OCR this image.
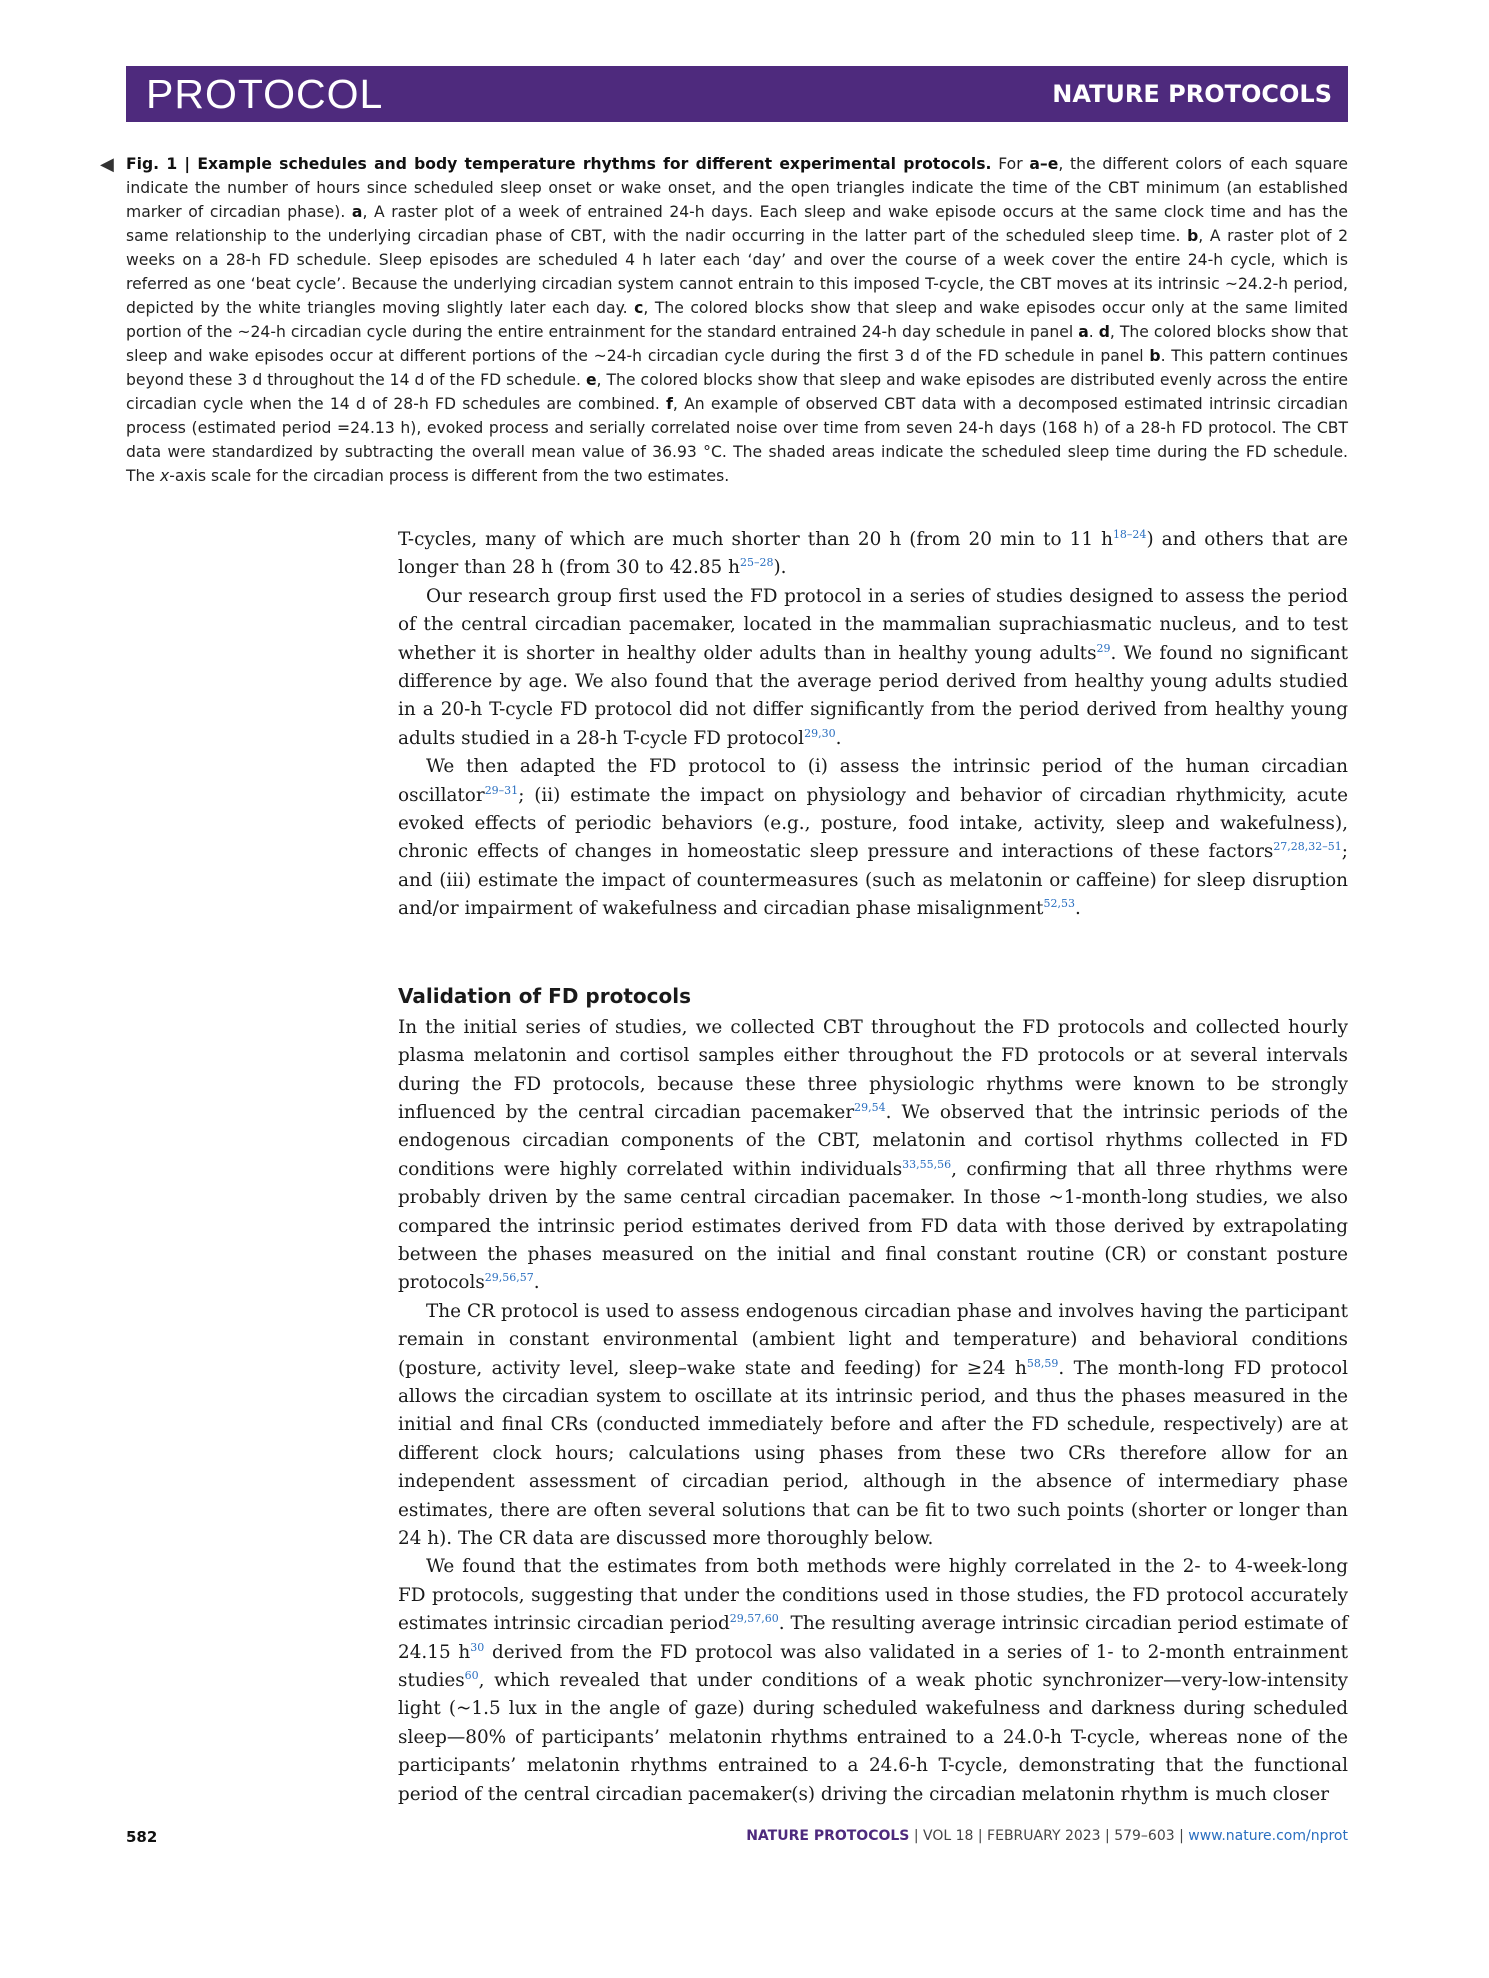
PROTOCOL	NATURE PROTOCOLS
◀ Fig. 1 | Example schedules and body temperature rhythms for different experimental protocols. For a–e, the different colors of each square indicate the number of hours since scheduled sleep onset or wake onset, and the open triangles indicate the time of the CBT minimum (an established marker of circadian phase). a, A raster plot of a week of entrained 24-h days. Each sleep and wake episode occurs at the same clock time and has the same relationship to the underlying circadian phase of CBT, with the nadir occurring in the latter part of the scheduled sleep time. b, A raster plot of 2 weeks on a 28-h FD schedule. Sleep episodes are scheduled 4 h later each ‘day’ and over the course of a week cover the entire 24-h cycle, which is referred as one ‘beat cycle’. Because the underlying circadian system cannot entrain to this imposed T-cycle, the CBT moves at its intrinsic ~24.2-h period, depicted by the white triangles moving slightly later each day. c, The colored blocks show that sleep and wake episodes occur only at the same limited portion of the ~24-h circadian cycle during the entire entrainment for the standard entrained 24-h day schedule in panel a. d, The colored blocks show that sleep and wake episodes occur at different portions of the ~24-h circadian cycle during the first 3 d of the FD schedule in panel b. This pattern continues beyond these 3 d throughout the 14 d of the FD schedule. e, The colored blocks show that sleep and wake episodes are distributed evenly across the entire circadian cycle when the 14 d of 28-h FD schedules are combined. f, An example of observed CBT data with a decomposed estimated intrinsic circadian process (estimated period =24.13 h), evoked process and serially correlated noise over time from seven 24-h days (168 h) of a 28-h FD protocol. The CBT data were standardized by subtracting the overall mean value of 36.93 °C. The shaded areas indicate the scheduled sleep time during the FD schedule. The x-axis scale for the circadian process is different from the two estimates.

T-cycles, many of which are much shorter than 20 h (from 20 min to 11 $h^{18-24}$) and others that are longer than 28 h (from 30 to 42.85 $h^{25-28}$).

Our research group first used the FD protocol in a series of studies designed to assess the period of the central circadian pacemaker, located in the mammalian suprachiasmatic nucleus, and to test whether it is shorter in healthy older adults than in healthy young adults$^{29}$. We found no significant difference by age. We also found that the average period derived from healthy young adults studied in a 20-h T-cycle FD protocol did not differ significantly from the period derived from healthy young adults studied in a 28-h T-cycle FD protocol$^{29,30}$.

We then adapted the FD protocol to (i) assess the intrinsic period of the human circadian oscillator$^{29-31}$; (ii) estimate the impact on physiology and behavior of circadian rhythmicity, acute evoked effects of periodic behaviors (e.g., posture, food intake, activity, sleep and wakefulness), chronic effects of changes in homeostatic sleep pressure and interactions of these factors$^{27,28,32-51}$; and (iii) estimate the impact of countermeasures (such as melatonin or caffeine) for sleep disruption and/or impairment of wakefulness and circadian phase misalignment$^{52,53}$.

Validation of FD protocols

In the initial series of studies, we collected CBT throughout the FD protocols and collected hourly plasma melatonin and cortisol samples either throughout the FD protocols or at several intervals during the FD protocols, because these three physiologic rhythms were known to be strongly influenced by the central circadian pacemaker$^{29,54}$. We observed that the intrinsic periods of the endogenous circadian components of the CBT, melatonin and cortisol rhythms collected in FD conditions were highly correlated within individuals$^{33,55,56}$, confirming that all three rhythms were probably driven by the same central circadian pacemaker. In those ~1-month-long studies, we also compared the intrinsic period estimates derived from FD data with those derived by extrapolating between the phases measured on the initial and final constant routine (CR) or constant posture protocols$^{29,56,57}$.

The CR protocol is used to assess endogenous circadian phase and involves having the participant remain in constant environmental (ambient light and temperature) and behavioral conditions (posture, activity level, sleep–wake state and feeding) for ≥24 $h^{58,59}$. The month-long FD protocol allows the circadian system to oscillate at its intrinsic period, and thus the phases measured in the initial and final CRs (conducted immediately before and after the FD schedule, respectively) are at different clock hours; calculations using phases from these two CRs therefore allow for an independent assessment of circadian period, although in the absence of intermediary phase estimates, there are often several solutions that can be fit to two such points (shorter or longer than 24 h). The CR data are discussed more thoroughly below.

We found that the estimates from both methods were highly correlated in the 2- to 4-week-long FD protocols, suggesting that under the conditions used in those studies, the FD protocol accurately estimates intrinsic circadian period$^{29,57,60}$. The resulting average intrinsic circadian period estimate of 24.15 $h^{30}$ derived from the FD protocol was also validated in a series of 1- to 2-month entrainment studies$^{60}$, which revealed that under conditions of a weak photic synchronizer—very-low-intensity light (~1.5 lux in the angle of gaze) during scheduled wakefulness and darkness during scheduled sleep—80% of participants’ melatonin rhythms entrained to a 24.0-h T-cycle, whereas none of the participants’ melatonin rhythms entrained to a 24.6-h T-cycle, demonstrating that the functional period of the central circadian pacemaker(s) driving the circadian melatonin rhythm is much closer

582	NATURE PROTOCOLS | VOL 18 | FEBRUARY 2023 | 579–603 | www.nature.com/nprot
